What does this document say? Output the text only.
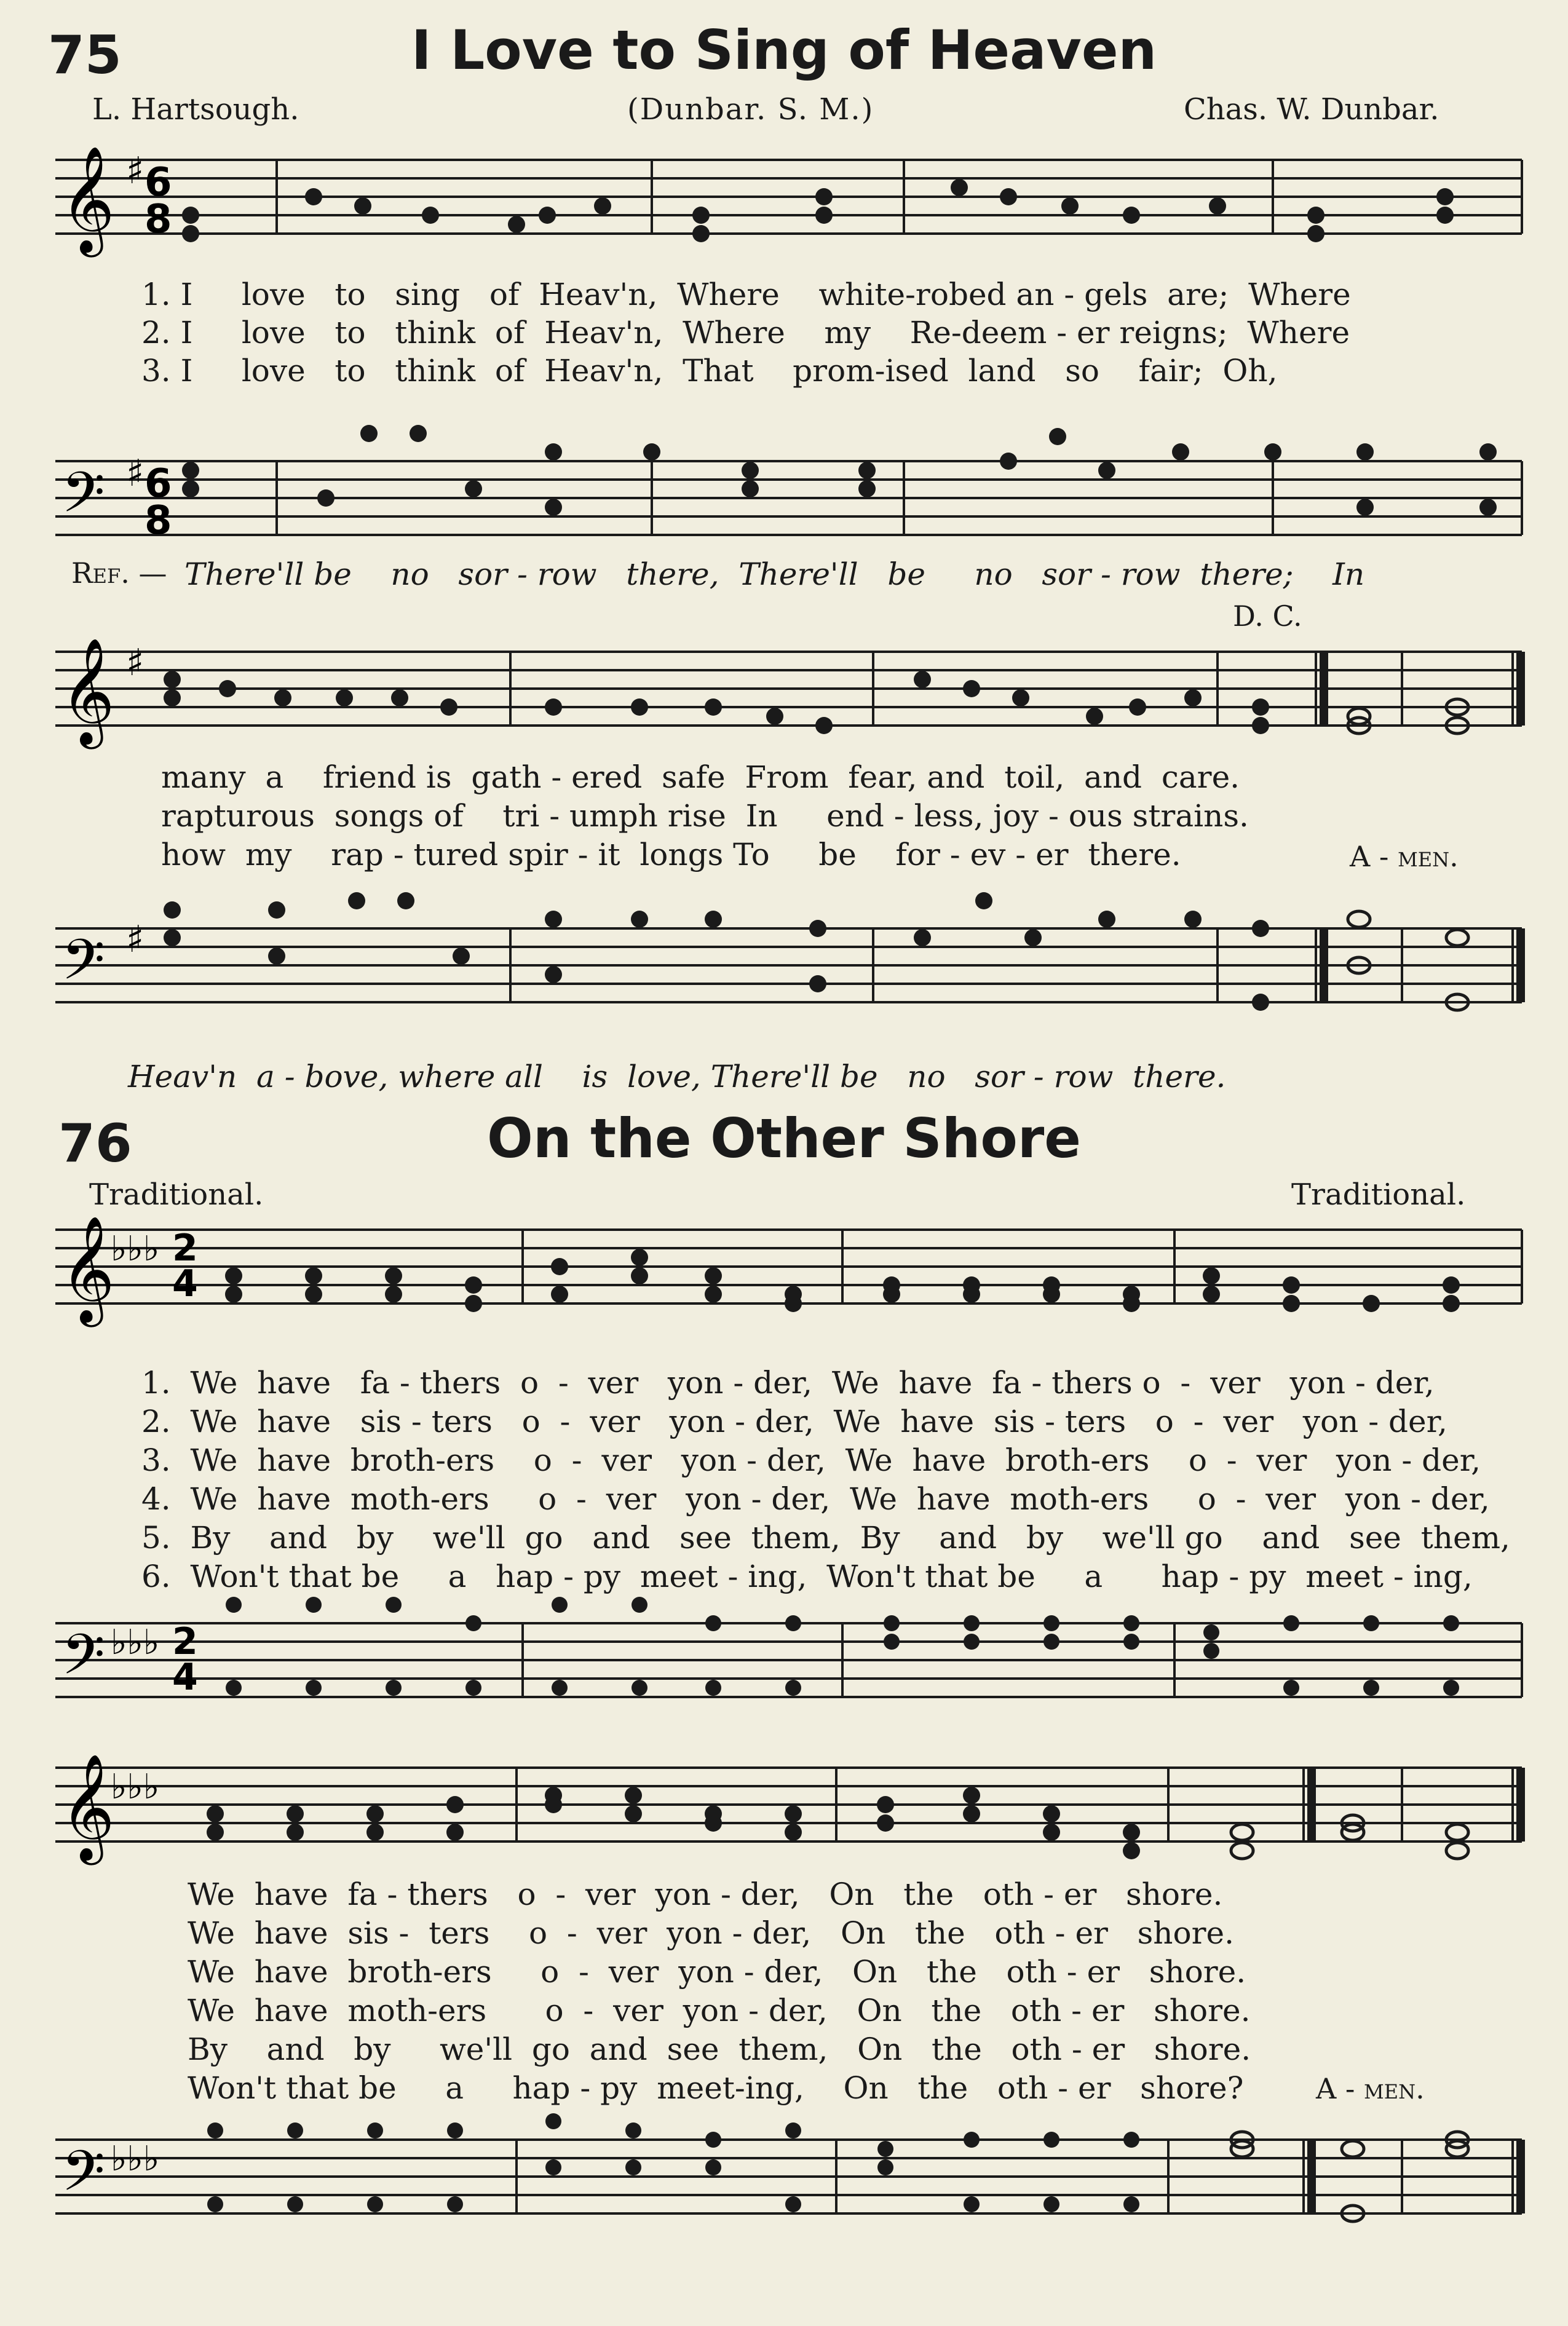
75	I Love to Sing of Heaven
L. Hartsough.	(Dunbar. S. M.)	Chas. W. Dunbar.
𝄞 ♯ 6
8
1. I     love   to   sing   of  Heav'n,  Where    white-robed an - gels  are;  Where
2. I     love   to   think  of  Heav'n,  Where    my    Re-deem - er reigns;  Where
3. I     love   to   think  of  Heav'n,  That    prom-ised  land   so    fair;  Oh,
𝄢 ♯ 6
8
Ref. — There'll be    no   sor - row   there,  There'll   be     no   sor - row  there;    In
D. C.
𝄞 ♯
many  a    friend is  gath - ered  safe  From  fear, and  toil,  and  care.
rapturous  songs of    tri - umph rise  In     end - less, joy - ous strains.
how  my    rap - tured spir - it  longs To     be    for - ev - er  there.	A - men.
𝄢 ♯
Heav'n  a - bove, where all    is  love, There'll be   no   sor - row  there.
76	On the Other Shore
Traditional.	Traditional.
𝄞
♭♭♭ 2
4
1.  We  have   fa - thers  o  -  ver   yon - der,  We  have  fa - thers o  -  ver   yon - der,
2.  We  have   sis - ters   o  -  ver   yon - der,  We  have  sis - ters   o  -  ver   yon - der,
3.  We  have  broth-ers    o  -  ver   yon - der,  We  have  broth-ers    o  -  ver   yon - der,
4.  We  have  moth-ers     o  -  ver   yon - der,  We  have  moth-ers     o  -  ver   yon - der,
5.  By    and   by    we'll  go   and   see  them,  By    and   by    we'll go    and   see  them,
6.  Won't that be     a   hap - py  meet - ing,  Won't that be     a      hap - py  meet - ing,
𝄢 ♭♭♭ 2
4
𝄞
♭♭♭
We  have  fa - thers   o  -  ver  yon - der,   On   the   oth - er   shore.
We  have  sis -  ters    o  -  ver  yon - der,   On   the   oth - er   shore.
We  have  broth-ers     o  -  ver  yon - der,   On   the   oth - er   shore.
We  have  moth-ers      o  -  ver  yon - der,   On   the   oth - er   shore.
By    and   by     we'll  go  and  see  them,   On   the   oth - er   shore.
Won't that be     a     hap - py  meet-ing,    On   the   oth - er   shore?	A - men.
𝄢 ♭♭♭
